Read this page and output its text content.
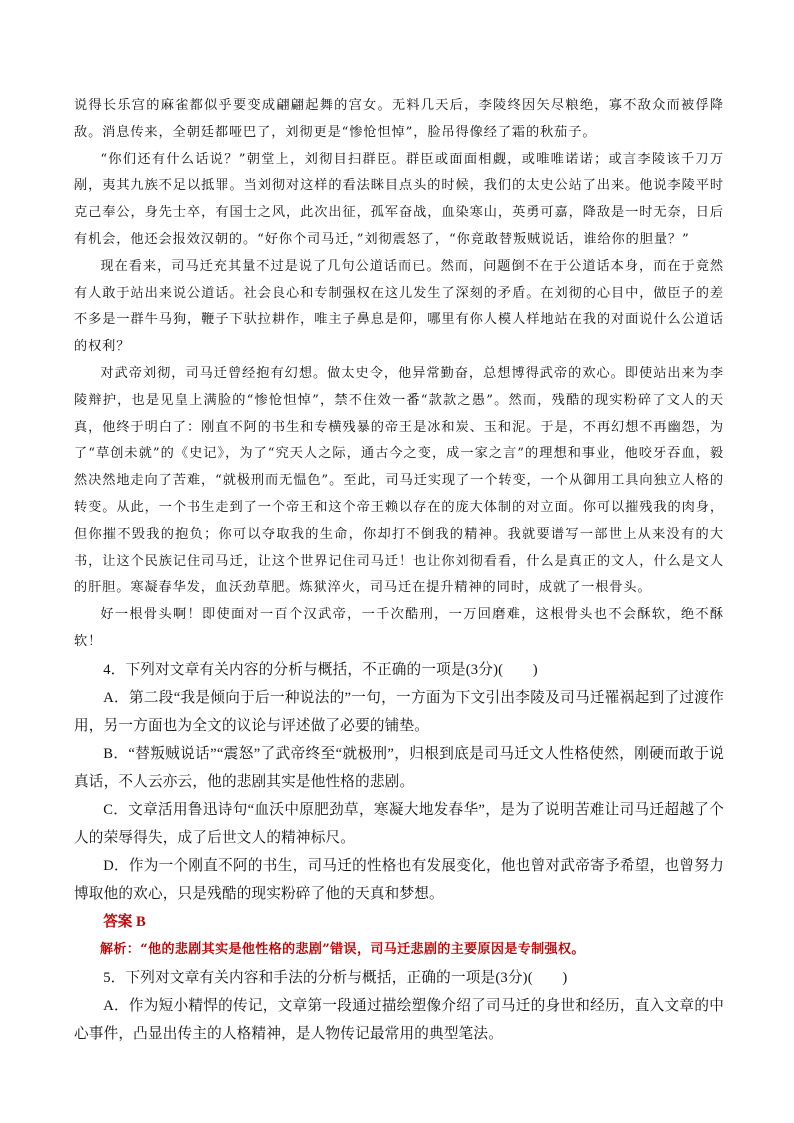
说得长乐宫的麻雀都似乎要变成翩翩起舞的宫女。无料几天后，李陵终因矢尽粮绝，寡不敌众而被俘降敌。消息传来，全朝廷都哑巴了，刘彻更是“惨怆怛悼”，脸吊得像经了霜的秋茄子。

“你们还有什么话说？”朝堂上，刘彻目扫群臣。群臣或面面相觑，或唯唯诺诺；或言李陵该千刀万剐，夷其九族不足以抵罪。当刘彻对这样的看法眯目点头的时候，我们的太史公站了出来。他说李陵平时克己奉公，身先士卒，有国士之风，此次出征，孤军奋战，血染寒山，英勇可嘉，降敌是一时无奈，日后有机会，他还会报效汉朝的。“好你个司马迁，”刘彻震怒了，“你竟敢替叛贼说话，谁给你的胆量？”

现在看来，司马迁充其量不过是说了几句公道话而已。然而，问题倒不在于公道话本身，而在于竟然有人敢于站出来说公道话。社会良心和专制强权在这儿发生了深刻的矛盾。在刘彻的心目中，做臣子的差不多是一群牛马狗，鞭子下驮拉耕作，唯主子鼻息是仰，哪里有你人模人样地站在我的对面说什么公道话的权利？

对武帝刘彻，司马迁曾经抱有幻想。做太史令，他异常勤奋，总想博得武帝的欢心。即使站出来为李陵辩护，也是见皇上满脸的“惨怆怛悼”，禁不住效一番“款款之愚”。然而，残酷的现实粉碎了文人的天真，他终于明白了：刚直不阿的书生和专横残暴的帝王是冰和炭、玉和泥。于是，不再幻想不再幽怨，为了“草创未就”的《史记》，为了“究天人之际，通古今之变，成一家之言”的理想和事业，他咬牙吞血，毅然决然地走向了苦难，“就极刑而无愠色”。至此，司马迁实现了一个转变，一个从御用工具向独立人格的转变。从此，一个书生走到了一个帝王和这个帝王赖以存在的庞大体制的对立面。你可以摧残我的肉身，但你摧不毁我的抱负；你可以夺取我的生命，你却打不倒我的精神。我就要谱写一部世上从来没有的大书，让这个民族记住司马迁，让这个世界记住司马迁！也让你刘彻看看，什么是真正的文人，什么是文人的肝胆。寒凝春华发，血沃劲草肥。炼狱淬火，司马迁在提升精神的同时，成就了一根骨头。

好一根骨头啊！即使面对一百个汉武帝，一千次酷刑，一万回磨难，这根骨头也不会酥软，绝不酥软！

4．下列对文章有关内容的分析与概括，不正确的一项是(3分)(　　)

A．第二段“我是倾向于后一种说法的”一句，一方面为下文引出李陵及司马迁罹祸起到了过渡作用，另一方面也为全文的议论与评述做了必要的铺垫。

B．“替叛贼说话”“震怒”了武帝终至“就极刑”，归根到底是司马迁文人性格使然，刚硬而敢于说真话，不人云亦云，他的悲剧其实是他性格的悲剧。

C．文章活用鲁迅诗句“血沃中原肥劲草，寒凝大地发春华”，是为了说明苦难让司马迁超越了个人的荣辱得失，成了后世文人的精神标尺。

D．作为一个刚直不阿的书生，司马迁的性格也有发展变化，他也曾对武帝寄予希望，也曾努力博取他的欢心，只是残酷的现实粉碎了他的天真和梦想。

答案 B

解析：“他的悲剧其实是他性格的悲剧”错误，司马迁悲剧的主要原因是专制强权。

5．下列对文章有关内容和手法的分析与概括，正确的一项是(3分)(　　)

A．作为短小精悍的传记，文章第一段通过描绘塑像介绍了司马迁的身世和经历，直入文章的中心事件，凸显出传主的人格精神，是人物传记最常用的典型笔法。
